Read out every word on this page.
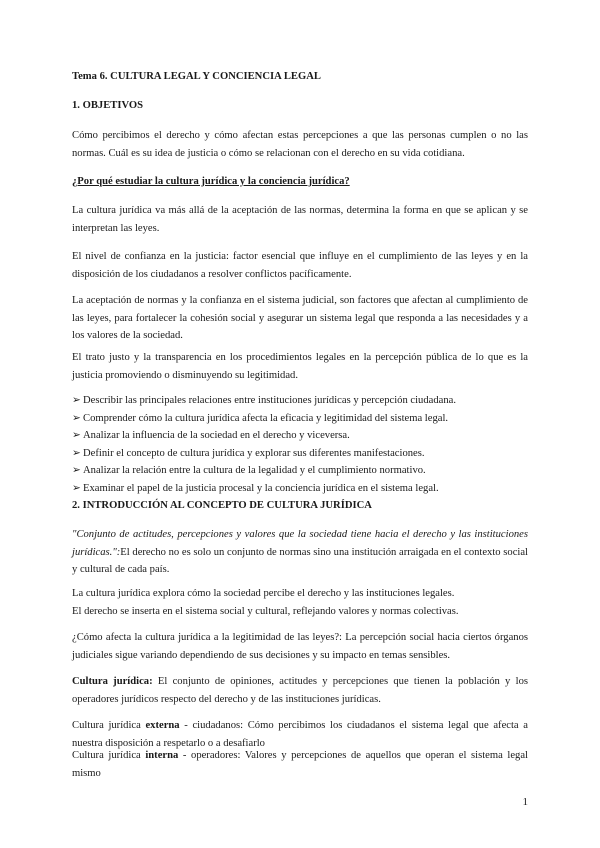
Tema 6. CULTURA LEGAL Y CONCIENCIA LEGAL

1. OBJETIVOS

Cómo percibimos el derecho y cómo afectan estas percepciones a que las personas cumplen o no las normas. Cuál es su idea de justicia o cómo se relacionan con el derecho en su vida cotidiana.

¿Por qué estudiar la cultura jurídica y la conciencia jurídica?

La cultura jurídica va más allá de la aceptación de las normas, determina la forma en que se aplican y se interpretan las leyes.

El nivel de confianza en la justicia: factor esencial que influye en el cumplimiento de las leyes y en la disposición de los ciudadanos a resolver conflictos pacíficamente.

La aceptación de normas y la confianza en el sistema judicial, son factores que afectan al cumplimiento de las leyes, para fortalecer la cohesión social y asegurar un sistema legal que responda a las necesidades y a los valores de la sociedad.

El trato justo y la transparencia en los procedimientos legales en la percepción pública de lo que es la justicia promoviendo o disminuyendo su legitimidad.

➢ Describir las principales relaciones entre instituciones jurídicas y percepción ciudadana.
➢ Comprender cómo la cultura jurídica afecta la eficacia y legitimidad del sistema legal.
➢ Analizar la influencia de la sociedad en el derecho y viceversa.
➢ Definir el concepto de cultura jurídica y explorar sus diferentes manifestaciones.
➢ Analizar la relación entre la cultura de la legalidad y el cumplimiento normativo.
➢ Examinar el papel de la justicia procesal y la conciencia jurídica en el sistema legal.

2. INTRODUCCIÓN AL CONCEPTO DE CULTURA JURÍDICA

"Conjunto de actitudes, percepciones y valores que la sociedad tiene hacia el derecho y las instituciones jurídicas.":El derecho no es solo un conjunto de normas sino una institución arraigada en el contexto social y cultural de cada país.

La cultura jurídica explora cómo la sociedad percibe el derecho y las instituciones legales.

El derecho se inserta en el sistema social y cultural, reflejando valores y normas colectivas.

¿Cómo afecta la cultura jurídica a la legitimidad de las leyes?: La percepción social hacia ciertos órganos judiciales sigue variando dependiendo de sus decisiones y su impacto en temas sensibles.

Cultura jurídica: El conjunto de opiniones, actitudes y percepciones que tienen la población y los operadores jurídicos respecto del derecho y de las instituciones jurídicas.

Cultura jurídica externa - ciudadanos: Cómo percibimos los ciudadanos el sistema legal que afecta a nuestra disposición a respetarlo o a desafiarlo

Cultura jurídica interna - operadores: Valores y percepciones de aquellos que operan el sistema legal mismo

1
